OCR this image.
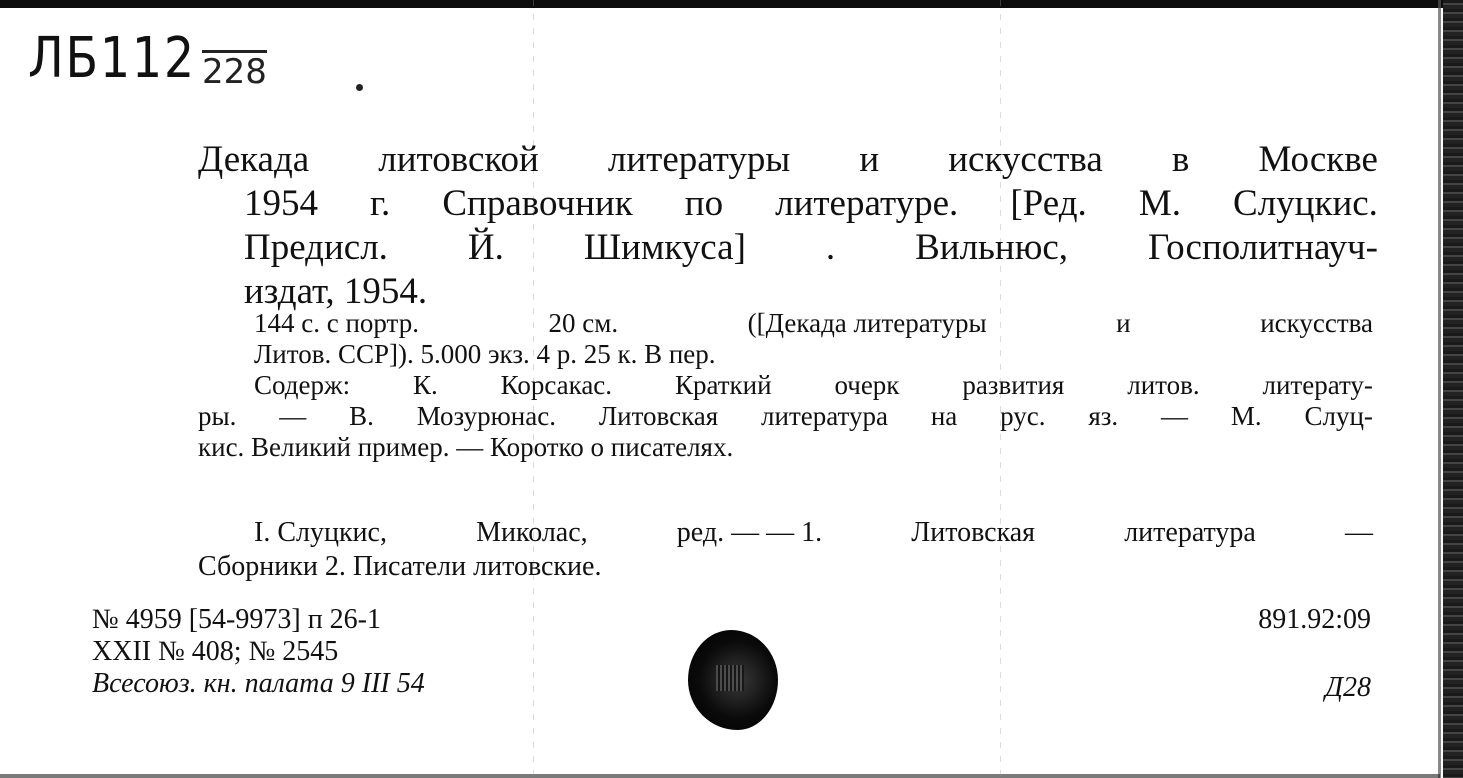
ЛБ112 228
Декада литовской литературы и искусства в Москве
1954 г. Справочник по литературе. [Ред. М. Слуцкис.
Предисл. Й. Шимкуса] . Вильнюс, Госполитнауч-
издат, 1954.
144 с. с портр.	20 см.	([Декада литературы	и	искусства
Литов. ССР]). 5.000 экз. 4 р. 25 к. В пер.
Содерж: К. Корсакас. Краткий очерк развития литов. литерату-
ры. — В. Мозурюнас. Литовская литература на рус. яз. — М. Слуц-
кис. Великий пример. — Коротко о писателях.
I. Слуцкис,	Миколас,	ред. — — 1.	Литовская	литература	—
Сборники 2. Писатели литовские.
№ 4959 [54-9973] п 26-1
XXII № 408; № 2545
Всесоюз. кн. палата 9 III 54
891.92:09
Д28
